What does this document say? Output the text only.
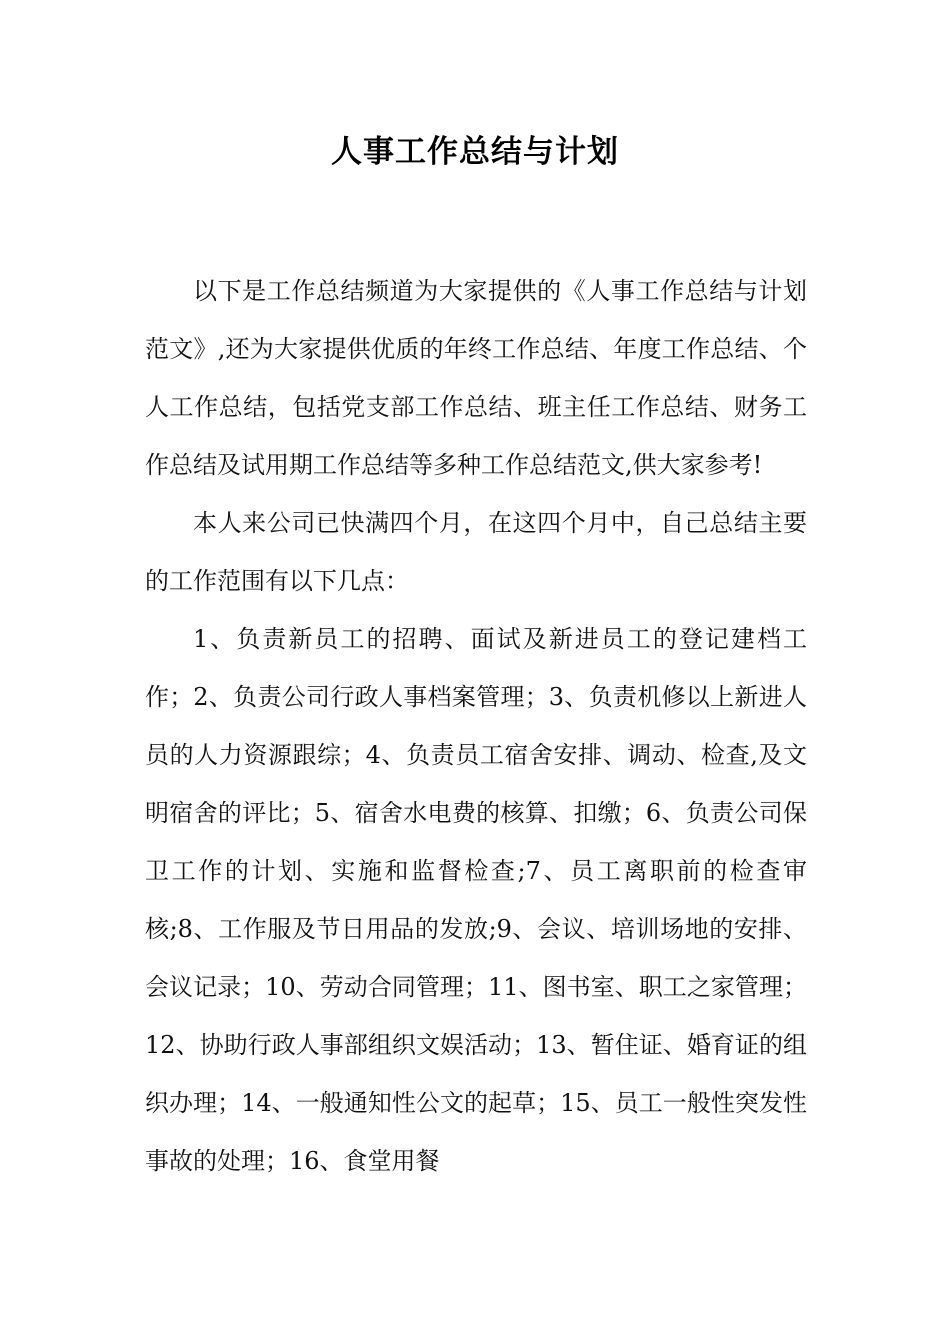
人事工作总结与计划

以下是工作总结频道为大家提供的《人事工作总结与计划范文》,还为大家提供优质的年终工作总结、年度工作总结、个人工作总结，包括党支部工作总结、班主任工作总结、财务工作总结及试用期工作总结等多种工作总结范文,供大家参考!

本人来公司已快满四个月，在这四个月中，自己总结主要的工作范围有以下几点：

1、负责新员工的招聘、面试及新进员工的登记建档工作；2、负责公司行政人事档案管理；3、负责机修以上新进人员的人力资源跟综；4、负责员工宿舍安排、调动、检查,及文明宿舍的评比；5、宿舍水电费的核算、扣缴；6、负责公司保卫工作的计划、实施和监督检查;7、员工离职前的检查审核;8、工作服及节日用品的发放;9、会议、培训场地的安排、会议记录；10、劳动合同管理；11、图书室、职工之家管理；12、协助行政人事部组织文娱活动；13、暂住证、婚育证的组织办理；14、一般通知性公文的起草；15、员工一般性突发性事故的处理；16、食堂用餐
